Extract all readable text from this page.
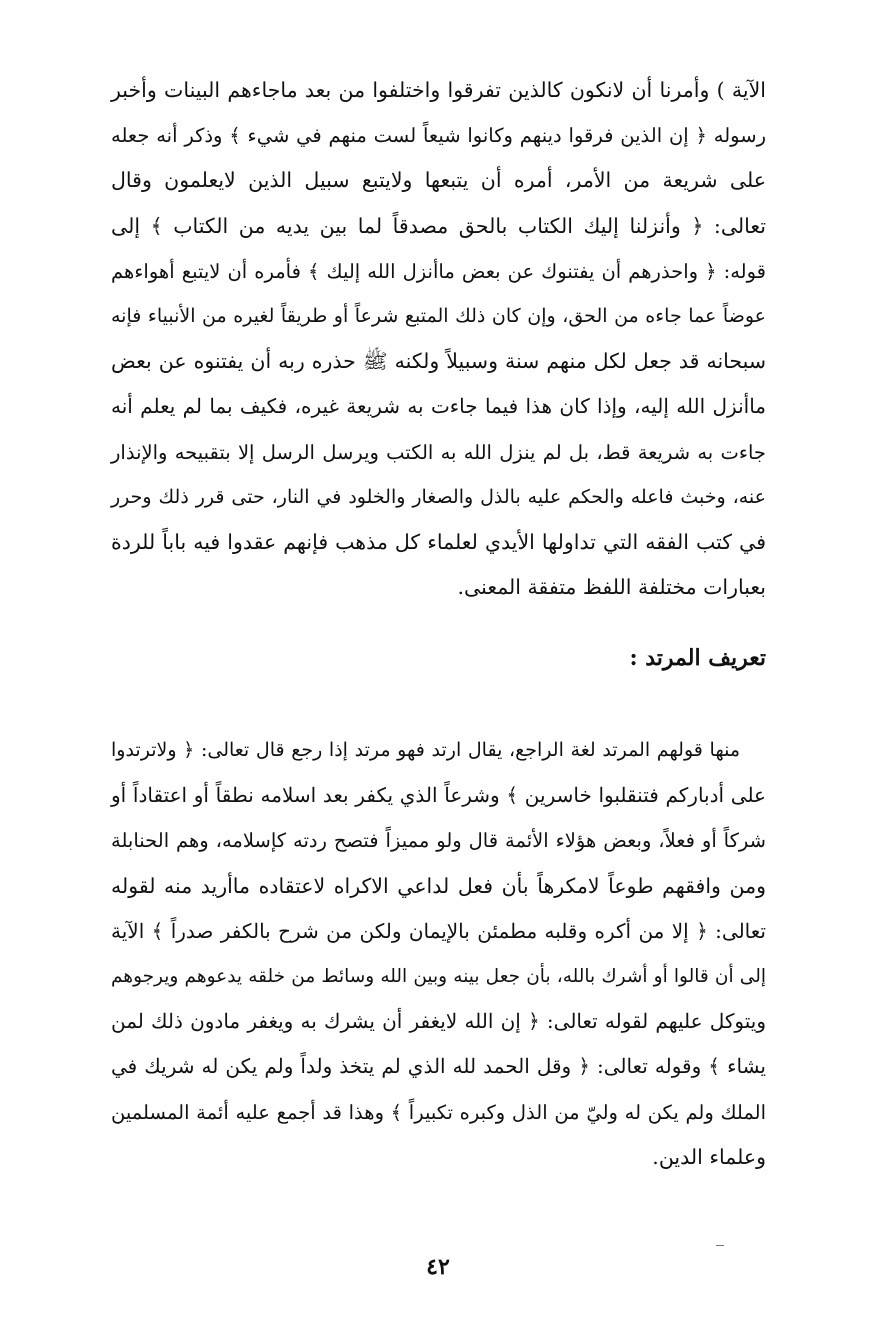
الآية ) وأمرنا أن لانكون كالذين تفرقوا واختلفوا من بعد ماجاءهم البينات وأخبر
رسوله ﴿ إن الذين فرقوا دينهم وكانوا شيعاً لست منهم في شيء ﴾ وذكر أنه جعله
على شريعة من الأمر، أمره أن يتبعها ولايتبع سبيل الذين لايعلمون وقال
تعالى: ﴿ وأنزلنا إليك الكتاب بالحق مصدقاً لما بين يديه من الكتاب ﴾ إلى
قوله: ﴿ واحذرهم أن يفتنوك عن بعض ماأنزل الله إليك ﴾ فأمره أن لايتبع أهواءهم
عوضاً عما جاءه من الحق، وإن كان ذلك المتبع شرعاً أو طريقاً لغيره من الأنبياء فإنه
سبحانه قد جعل لكل منهم سنة وسبيلاً ولكنه ﷺ حذره ربه أن يفتنوه عن بعض
ماأنزل الله إليه، وإذا كان هذا فيما جاءت به شريعة غيره، فكيف بما لم يعلم أنه
جاءت به شريعة قط، بل لم ينزل الله به الكتب ويرسل الرسل إلا بتقبيحه والإنذار
عنه، وخبث فاعله والحكم عليه بالذل والصغار والخلود في النار، حتى قرر ذلك وحرر
في كتب الفقه التي تداولها الأيدي لعلماء كل مذهب فإنهم عقدوا فيه باباً للردة
بعبارات مختلفة اللفظ متفقة المعنى.
تعريف المرتد :
منها قولهم المرتد لغة الراجع، يقال ارتد فهو مرتد إذا رجع قال تعالى: ﴿ ولاترتدوا
على أدباركم فتنقلبوا خاسرين ﴾ وشرعاً الذي يكفر بعد اسلامه نطقاً أو اعتقاداً أو
شركاً أو فعلاً، وبعض هؤلاء الأئمة قال ولو مميزاً فتصح ردته كإسلامه، وهم الحنابلة
ومن وافقهم طوعاً لامكرهاً بأن فعل لداعي الاكراه لاعتقاده ماأريد منه لقوله
تعالى: ﴿ إلا من أكره وقلبه مطمئن بالإيمان ولكن من شرح بالكفر صدراً ﴾ الآية
إلى أن قالوا أو أشرك بالله، بأن جعل بينه وبين الله وسائط من خلقه يدعوهم ويرجوهم
ويتوكل عليهم لقوله تعالى: ﴿ إن الله لايغفر أن يشرك به ويغفر مادون ذلك لمن
يشاء ﴾ وقوله تعالى: ﴿ وقل الحمد لله الذي لم يتخذ ولداً ولم يكن له شريك في
الملك ولم يكن له وليّ من الذل وكبره تكبيراً ﴾ وهذا قد أجمع عليه أئمة المسلمين
وعلماء الدين.
٤٢
